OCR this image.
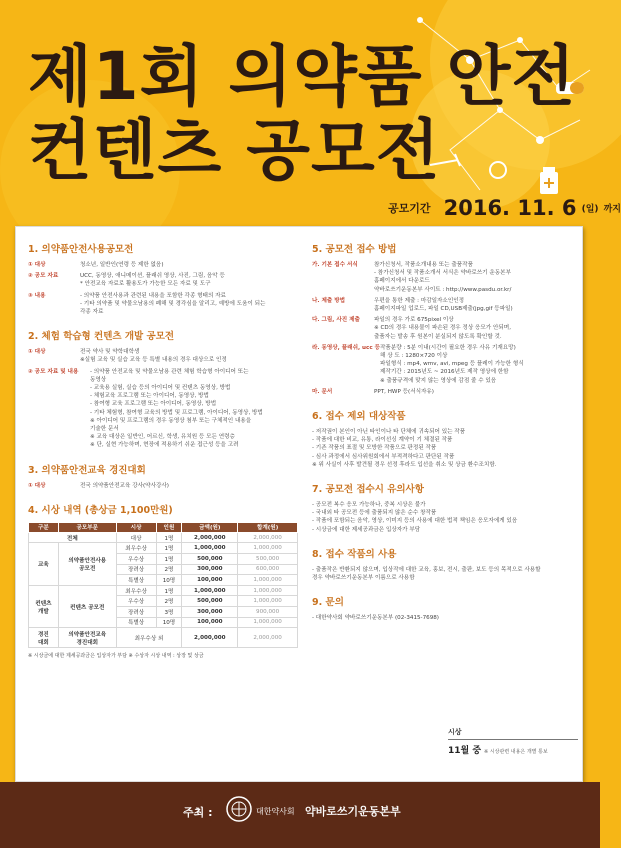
제1회 의약품 안전
컨텐츠 공모전
공모기간 2016. 11. 6 (일) 까지
1. 의약품안전사용공모전
① 대상	청소년, 일반인(연령 등 제한 없음)
② 공모 자료	UCC, 동영상, 애니메이션, 플래쉬 영상, 사진, 그림, 음악 등
* 안전교육 자료로 활용도가 가능한 모든 자료 및 도구
③ 내용	- 의약품 안전사용과 관련된 내용을 포함한 각종 형태의 자료
- 기타 의약품 및 약물오남용의 폐해 및 경각심을 알리고, 예방에 도움이 되는
각종 자료
2. 체험 학습형 컨텐츠 개발 공모전
① 대상	전국 약사 및 약학대학생
※실험 교육 및 실습 교육 등 특별 내용의 경우 대상으로 인정
② 공모 자료 및 내용	- 의약품 안전교육 및 약물오남용 관련 체험 학습형 아이디어 또는
동영상
- 교육용 실험, 실습 등의 아이디어 및 컨텐츠 동영상, 방법
- 체험교육 프로그램 또는 아이디어, 동영상, 방법
- 참여형 교육 프로그램 또는 아이디어, 동영상, 방법
- 기타 체험형, 참여형 교육의 방법 및 프로그램, 아이디어, 동영상, 방법
※ 아이디어 및 프로그램의 경우 동영상 첨부 또는 구체적인 내용을
기술한 문서
※ 교육 대상은 일반인, 어르신, 학생, 유치원 등 모든 연령층
※ 단, 실현 가능하며, 현장에 적용하기 쉬운 접근성 등을 고려
3. 의약품안전교육 경진대회
① 대상	전국 의약품안전교육 강사(약사강사)
4. 시상 내역 (총상금 1,100만원)
구분	공모부문	시상	인원	금액(원)	합계(원)
전체		대상	1명	2,000,000	2,000,000
교육	의약품안전사용
공모전	최우수상	1명	1,000,000	1,000,000
		우수상	1명	500,000	500,000
		장려상	2명	300,000	600,000
		특별상	10명	100,000	1,000,000
컨텐츠
개발	컨텐츠 공모전	최우수상	1명	1,000,000	1,000,000
		우수상	2명	500,000	1,000,000
		장려상	3명	300,000	900,000
		특별상	10명	100,000	1,000,000
경진
대회	의약품안전교육
경진대회	최우수상 외		2,000,000	2,000,000
※ 시상금에 대한 제세공과금은 입상자가 부담 ※ 수상자 시상 내역 : 상장 및 상금
5. 공모전 접수 방법
가. 기본 접수 서식	참가신청서, 작품소개내용 또는 출품작품
- 참가신청서 및 작품소개서 서식은 약바로쓰기 운동본부
홈페이지에서 다운로드
약바로쓰기운동본부 사이트 : http://www.pasdu.or.kr/
나. 제출 방법	우편을 통한 제출 : 마감일자소인인정
홈페이지파일 업로드, 파일 CD,USB제출(jpg,gif 등파일)
다. 그림, 사진 제출	파일의 경우 가로 675pixel 이상
※ CD의 경우 내용물이 파손된 경우 정상 응모가 안되며,
출품자는 발송 후 원본이 분실되지 않도록 확인할 것.
라. 동영상, 플래쉬, ucc 등 작품분량 : 5분 이내(시간이 필요한 경우 사유 기재요망)
해 상 도 : 1280×720 이상
파일형식 : mp4, wmv, avi, mpeg 등 플레이 가능한 형식
제작기간 : 2015년도 ~ 2016년도 제작 영상에 한함
※ 출품규격에 맞지 않는 영상에 감점 줄 수 있음
마. 문서	PPT, HWP 등(서식자유)
6. 접수 제외 대상작품
- 저작권이 본인이 아닌 타인이나 타 단체에 귀속되어 있는 작품
- 작품에 대한 비교, 유통, 라이선싱 계약이 기 체결된 작품
- 기존 작품의 표절 및 모방한 작품으로 판정된 작품
- 심사 과정에서 심사위원회에서 부적격하다고 판단된 작품
※ 위 사실이 사후 발견될 경우 선정 후라도 입선을 취소 및 상금 환수조치함.
7. 공모전 접수시 유의사항
- 공모전 복수 응모 가능하나, 중복 시상은 불가
- 국내외 타 공모전 등에 출품되지 않은 순수 창작품
- 작품에 포함되는 음악, 영상, 이미지 등의 사용에 대한 법적 책임은 응모자에게 있음
- 시상금에 대한 제세공과금은 입상자가 부담
8. 접수 작품의 사용
- 출품작은 반환되지 않으며, 입상작에 대한 교육, 홍보, 전시, 출판, 보도 등의 목적으로 사용할
경우 약바로쓰기운동본부 이름으로 사용함
9. 문의
- 대한약사회 약바로쓰기운동본부 (02-3415-7698)
시상
11월 중 ※ 시상관련 내용은 개별 통보
주최 :	대한약사회 약바로쓰기운동본부
